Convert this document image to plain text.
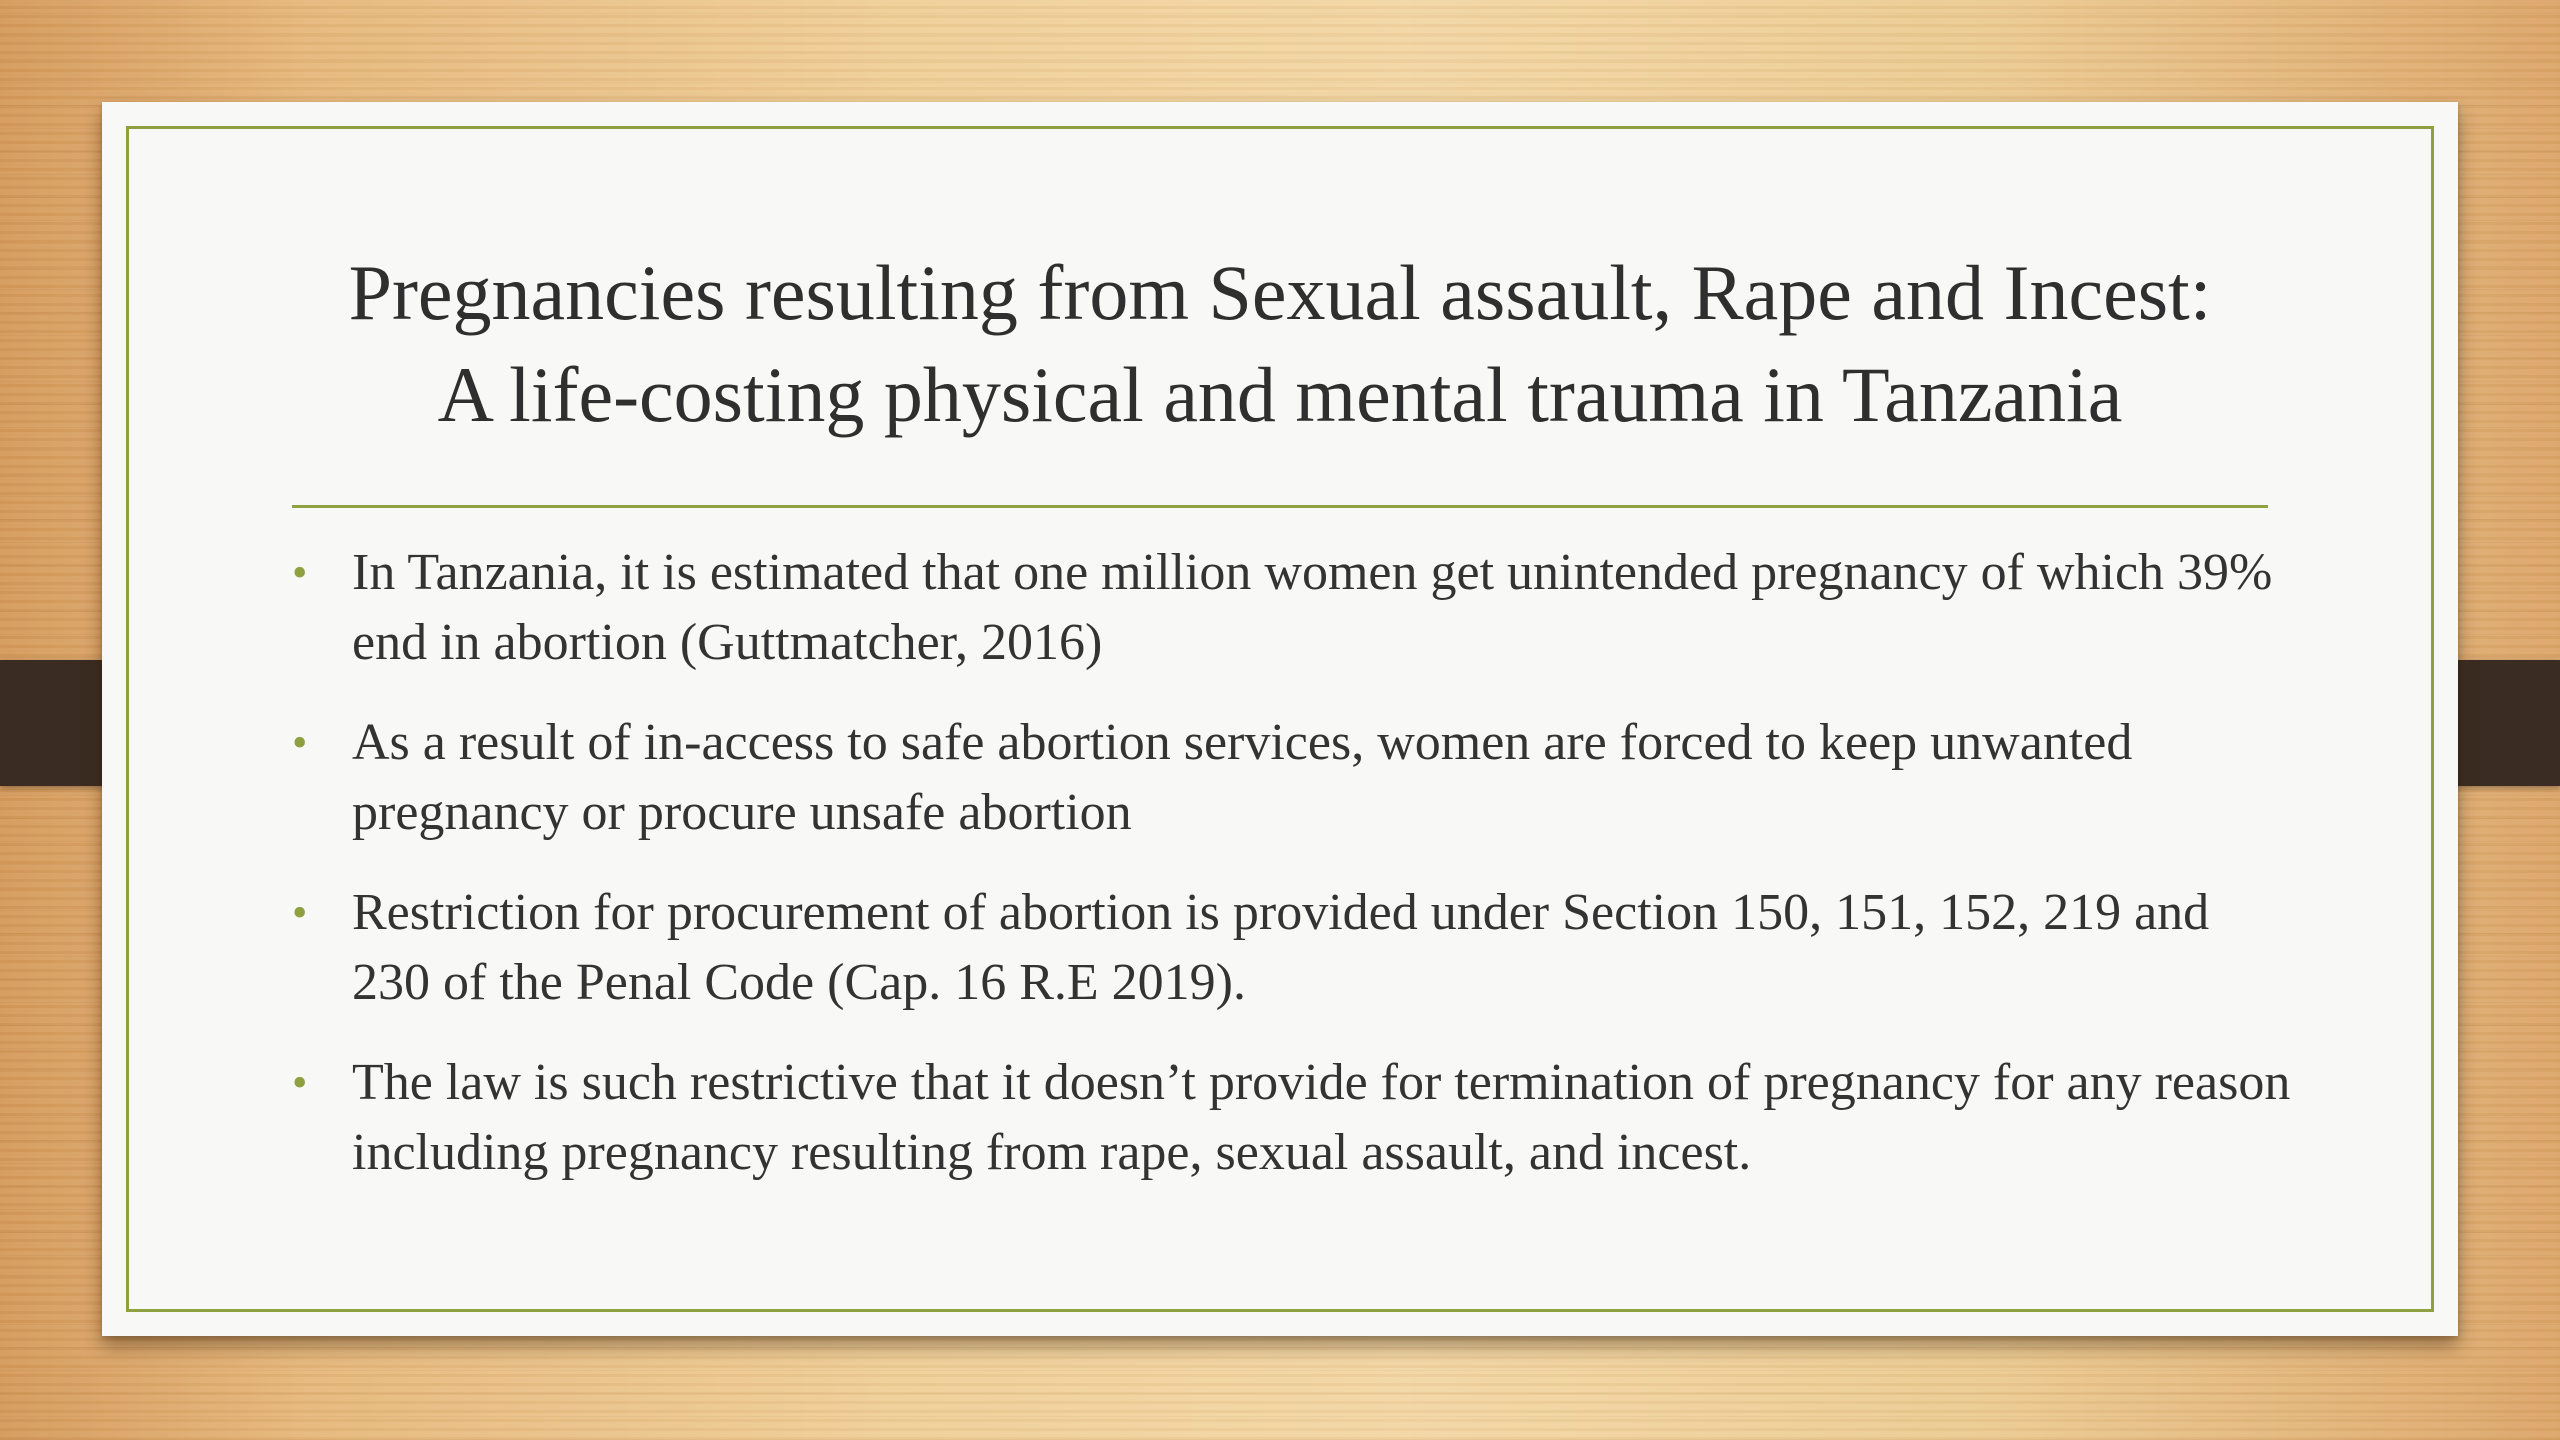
Pregnancies resulting from Sexual assault, Rape and Incest:
A life-costing physical and mental trauma in Tanzania
• In Tanzania, it is estimated that one million women get unintended pregnancy of which 39% end in abortion (Guttmatcher, 2016)
• As a result of in-access to safe abortion services, women are forced to keep unwanted pregnancy or procure unsafe abortion
• Restriction for procurement of abortion is provided under Section 150, 151, 152, 219 and 230 of the Penal Code (Cap. 16 R.E 2019).
• The law is such restrictive that it doesn’t provide for termination of pregnancy for any reason including pregnancy resulting from rape, sexual assault, and incest.
